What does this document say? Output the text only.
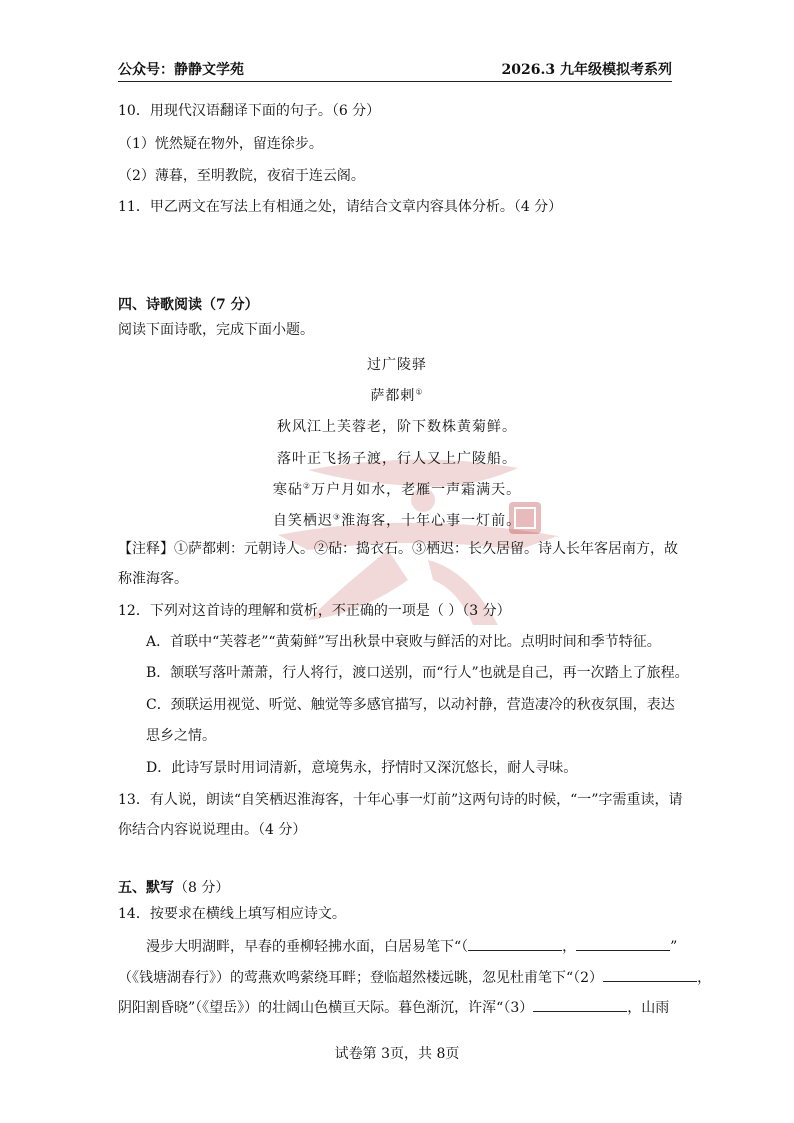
公众号：静静文学苑	2026.3 九年级模拟考系列
10．用现代汉语翻译下面的句子。（6 分）
（1）恍然疑在物外，留连徐步。
（2）薄暮，至明教院，夜宿于连云阁。
11．甲乙两文在写法上有相通之处，请结合文章内容具体分析。（4 分）
四、诗歌阅读（7 分）
阅读下面诗歌，完成下面小题。
过广陵驿
萨都剌①
秋风江上芙蓉老，阶下数株黄菊鲜。
落叶正飞扬子渡，行人又上广陵船。
寒砧②万户月如水，老雁一声霜满天。
自笑栖迟③淮海客，十年心事一灯前。
【注释】①萨都剌：元朝诗人。②砧：捣衣石。③栖迟：长久居留。诗人长年客居南方，故
称淮海客。
12．下列对这首诗的理解和赏析，不正确的一项是（ ）（3 分）
A．首联中“芙蓉老”“黄菊鲜”写出秋景中衰败与鲜活的对比。点明时间和季节特征。
B．颔联写落叶萧萧，行人将行，渡口送别，而“行人”也就是自己，再一次踏上了旅程。
C．颈联运用视觉、听觉、触觉等多感官描写，以动衬静，营造凄冷的秋夜氛围，表达
思乡之情。
D．此诗写景时用词清新，意境隽永，抒情时又深沉悠长，耐人寻味。
13．有人说，朗读“自笑栖迟淮海客，十年心事一灯前”这两句诗的时候，“一”字需重读，请
你结合内容说说理由。（4 分）
五、默写（8 分）
14．按要求在横线上填写相应诗文。
漫步大明湖畔，早春的垂柳轻拂水面，白居易笔下“（	，	”
（《钱塘湖春行》）的莺燕欢鸣萦绕耳畔；登临超然楼远眺，忽见杜甫笔下“（2）	，
阴阳割昏晓”（《望岳》）的壮阔山色横亘天际。暮色渐沉，许浑“（3）	，山雨
试卷第 3页，共 8页
